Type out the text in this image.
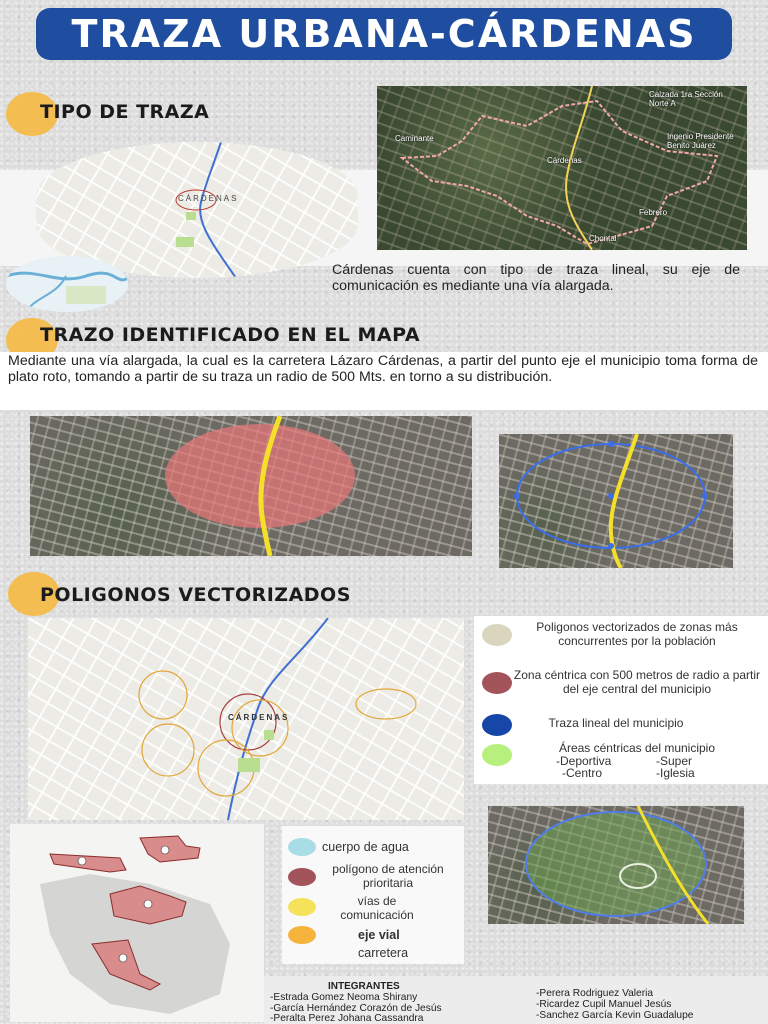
TRAZA URBANA-CÁRDENAS
TIPO DE TRAZA
CÁRDENAS
Calzada 1ra Sección Norte A
Caminante	Ingenio Presidente Benito Juárez
Cárdenas
Febrero
Chontal
Cárdenas cuenta con tipo de traza lineal, su eje de comunicación es mediante una vía alargada.
TRAZO IDENTIFICADO EN EL MAPA
Mediante una vía alargada, la cual es la carretera Lázaro Cárdenas, a partir del punto eje el municipio toma forma de plato roto, tomando a partir de su traza un radio de 500 Mts. en torno a su distribución.
POLIGONOS VECTORIZADOS
CÁRDENAS
Poligonos vectorizados de zonas más concurrentes por la población
Zona céntrica con 500 metros de radio a partir del eje central del municipio
Traza lineal del municipio
Áreas céntricas del municipio
-Deportiva	-Super
-Centro	-Iglesia
cuerpo de agua
polígono de atención prioritaria
vías de comunicación
eje vial
carretera
INTEGRANTES
-Estrada Gomez Neoma Shirany
-García Hernández Corazón de Jesús
-Peralta Perez Johana Cassandra
-Perera Rodriguez Valeria
-Ricardez Cupil Manuel Jesús
-Sanchez García Kevin Guadalupe
